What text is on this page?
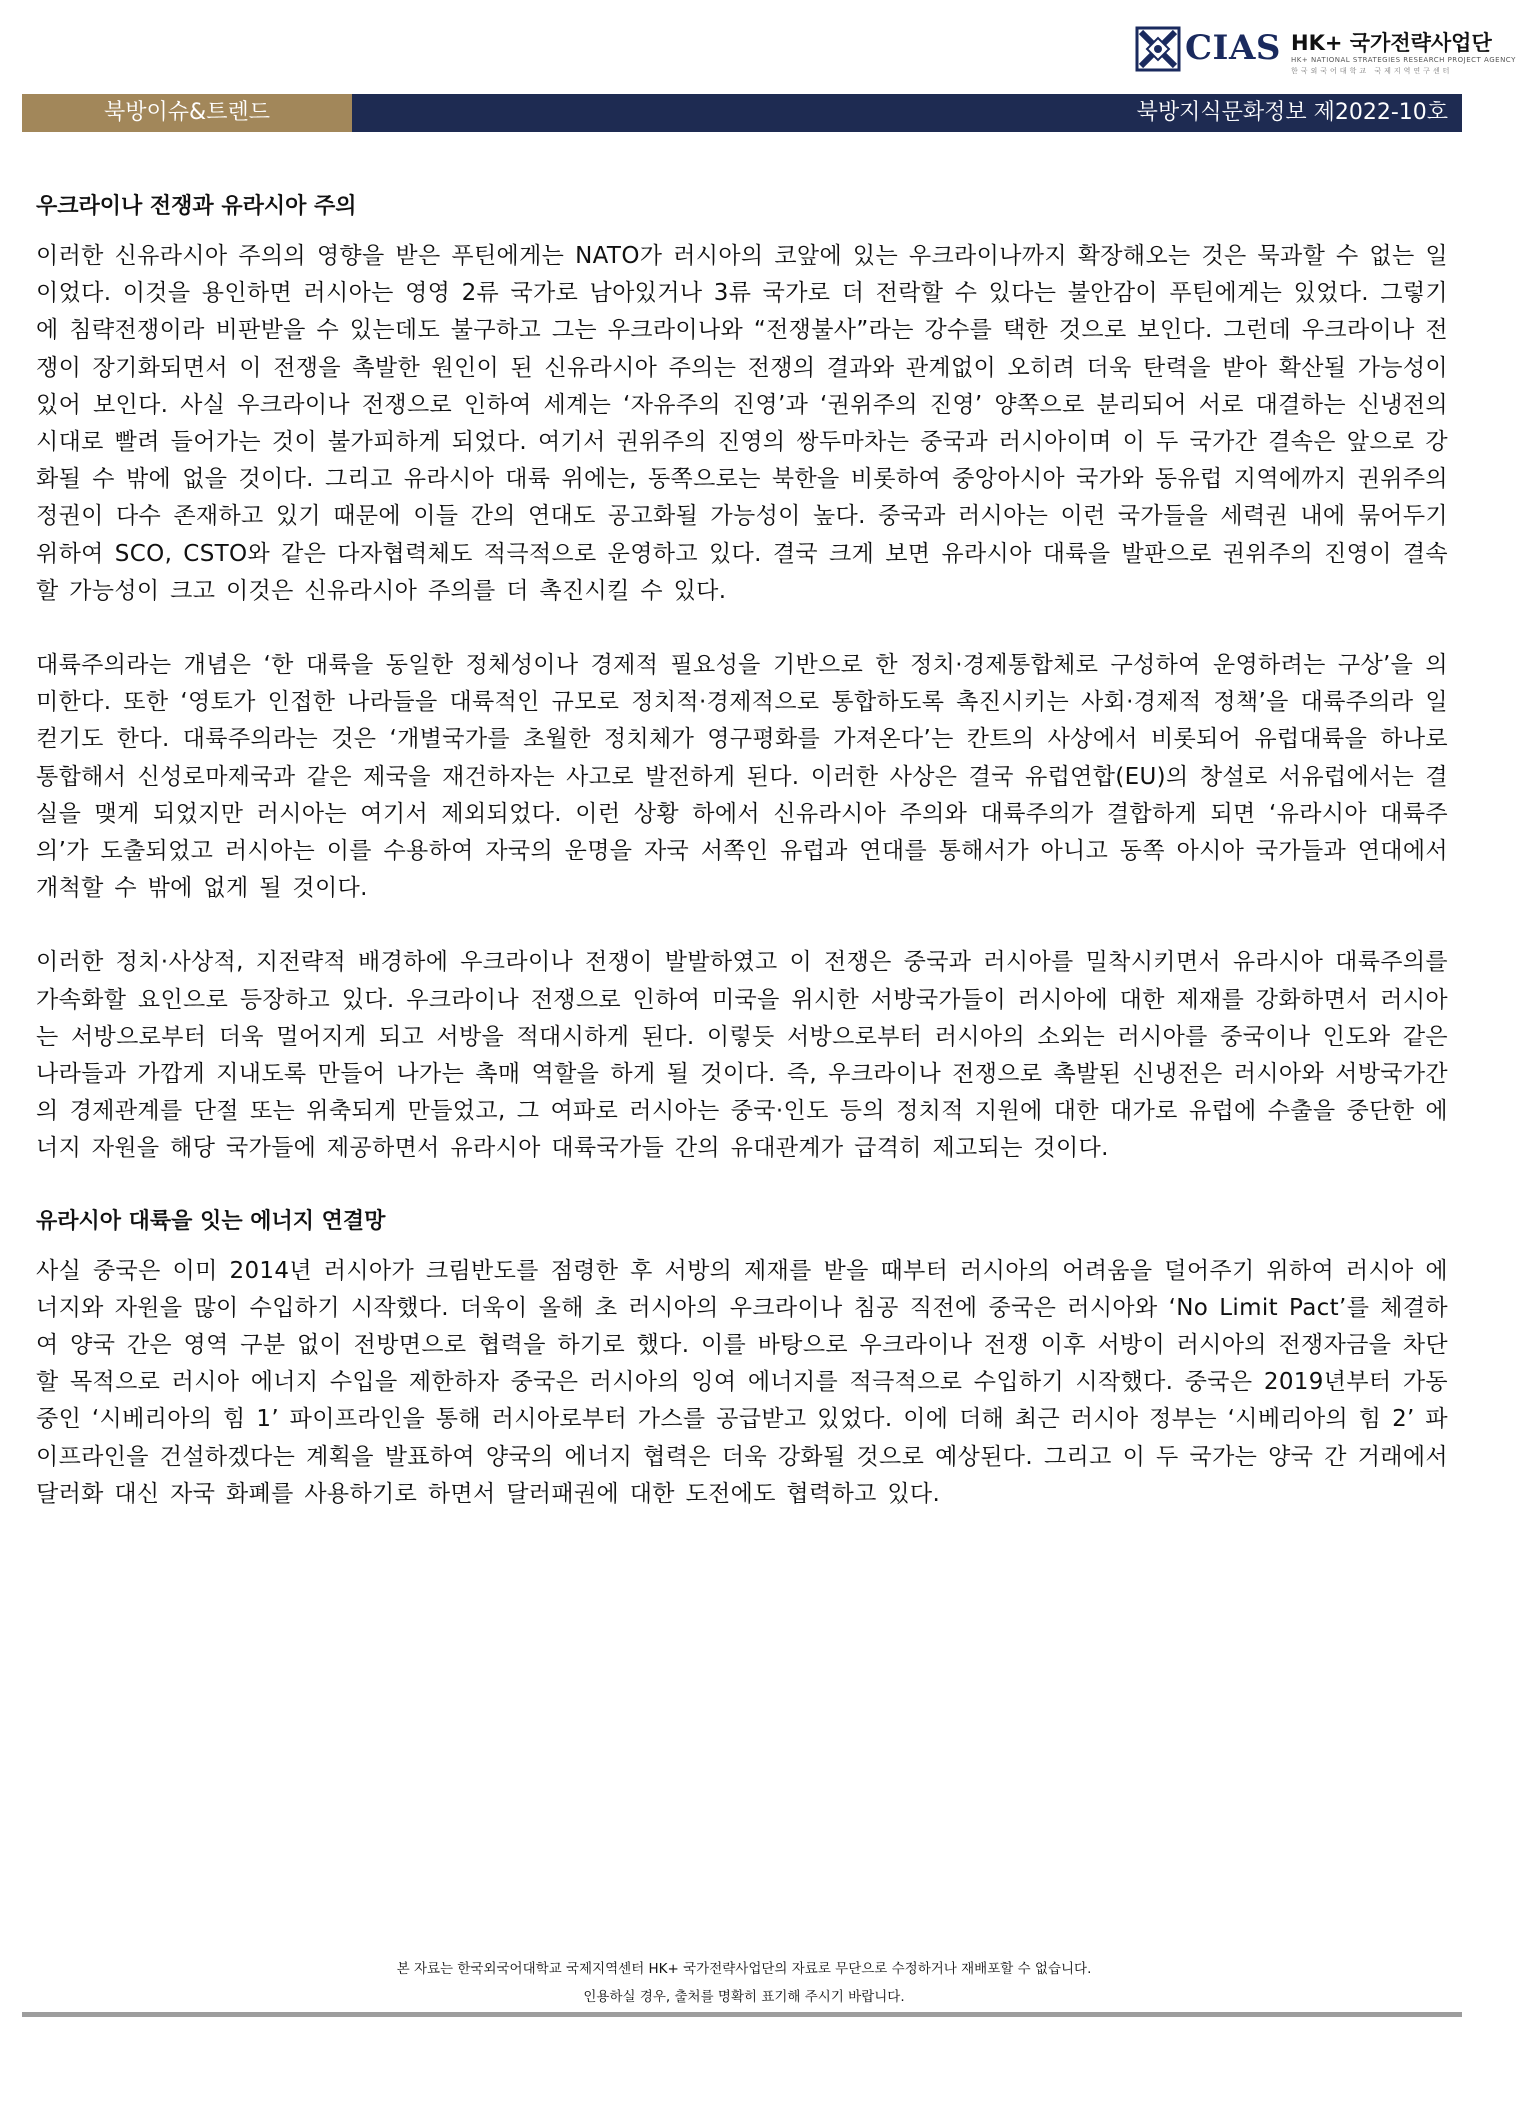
CIAS HK+ 국가전략사업단
HK+ NATIONAL STRATEGIES RESEARCH PROJECT AGENCY
한국외국어대학교 국제지역연구센터
북방이슈&트렌드	북방지식문화정보 제2022-10호
우크라이나 전쟁과 유라시아 주의

이러한 신유라시아 주의의 영향을 받은 푸틴에게는 NATO가 러시아의 코앞에 있는 우크라이나까지 확장해오는 것은 묵과할 수 없는 일이었다. 이것을 용인하면 러시아는 영영 2류 국가로 남아있거나 3류 국가로 더 전락할 수 있다는 불안감이 푸틴에게는 있었다. 그렇기에 침략전쟁이라 비판받을 수 있는데도 불구하고 그는 우크라이나와 “전쟁불사”라는 강수를 택한 것으로 보인다. 그런데 우크라이나 전쟁이 장기화되면서 이 전쟁을 촉발한 원인이 된 신유라시아 주의는 전쟁의 결과와 관계없이 오히려 더욱 탄력을 받아 확산될 가능성이 있어 보인다. 사실 우크라이나 전쟁으로 인하여 세계는 ‘자유주의 진영’과 ‘권위주의 진영’ 양쪽으로 분리되어 서로 대결하는 신냉전의 시대로 빨려 들어가는 것이 불가피하게 되었다. 여기서 권위주의 진영의 쌍두마차는 중국과 러시아이며 이 두 국가간 결속은 앞으로 강화될 수 밖에 없을 것이다. 그리고 유라시아 대륙 위에는, 동쪽으로는 북한을 비롯하여 중앙아시아 국가와 동유럽 지역에까지 권위주의 정권이 다수 존재하고 있기 때문에 이들 간의 연대도 공고화될 가능성이 높다. 중국과 러시아는 이런 국가들을 세력권 내에 묶어두기 위하여 SCO, CSTO와 같은 다자협력체도 적극적으로 운영하고 있다. 결국 크게 보면 유라시아 대륙을 발판으로 권위주의 진영이 결속할 가능성이 크고 이것은 신유라시아 주의를 더 촉진시킬 수 있다.

대륙주의라는 개념은 ‘한 대륙을 동일한 정체성이나 경제적 필요성을 기반으로 한 정치·경제통합체로 구성하여 운영하려는 구상’을 의미한다. 또한 ‘영토가 인접한 나라들을 대륙적인 규모로 정치적·경제적으로 통합하도록 촉진시키는 사회·경제적 정책’을 대륙주의라 일컫기도 한다. 대륙주의라는 것은 ‘개별국가를 초월한 정치체가 영구평화를 가져온다’는 칸트의 사상에서 비롯되어 유럽대륙을 하나로 통합해서 신성로마제국과 같은 제국을 재건하자는 사고로 발전하게 된다. 이러한 사상은 결국 유럽연합(EU)의 창설로 서유럽에서는 결실을 맺게 되었지만 러시아는 여기서 제외되었다. 이런 상황 하에서 신유라시아 주의와 대륙주의가 결합하게 되면 ‘유라시아 대륙주의’가 도출되었고 러시아는 이를 수용하여 자국의 운명을 자국 서쪽인 유럽과 연대를 통해서가 아니고 동쪽 아시아 국가들과 연대에서 개척할 수 밖에 없게 될 것이다.

이러한 정치·사상적, 지전략적 배경하에 우크라이나 전쟁이 발발하였고 이 전쟁은 중국과 러시아를 밀착시키면서 유라시아 대륙주의를 가속화할 요인으로 등장하고 있다. 우크라이나 전쟁으로 인하여 미국을 위시한 서방국가들이 러시아에 대한 제재를 강화하면서 러시아는 서방으로부터 더욱 멀어지게 되고 서방을 적대시하게 된다. 이렇듯 서방으로부터 러시아의 소외는 러시아를 중국이나 인도와 같은 나라들과 가깝게 지내도록 만들어 나가는 촉매 역할을 하게 될 것이다. 즉, 우크라이나 전쟁으로 촉발된 신냉전은 러시아와 서방국가간의 경제관계를 단절 또는 위축되게 만들었고, 그 여파로 러시아는 중국·인도 등의 정치적 지원에 대한 대가로 유럽에 수출을 중단한 에너지 자원을 해당 국가들에 제공하면서 유라시아 대륙국가들 간의 유대관계가 급격히 제고되는 것이다.

유라시아 대륙을 잇는 에너지 연결망

사실 중국은 이미 2014년 러시아가 크림반도를 점령한 후 서방의 제재를 받을 때부터 러시아의 어려움을 덜어주기 위하여 러시아 에너지와 자원을 많이 수입하기 시작했다. 더욱이 올해 초 러시아의 우크라이나 침공 직전에 중국은 러시아와 ‘No Limit Pact’를 체결하여 양국 간은 영역 구분 없이 전방면으로 협력을 하기로 했다. 이를 바탕으로 우크라이나 전쟁 이후 서방이 러시아의 전쟁자금을 차단할 목적으로 러시아 에너지 수입을 제한하자 중국은 러시아의 잉여 에너지를 적극적으로 수입하기 시작했다. 중국은 2019년부터 가동 중인 ‘시베리아의 힘 1’ 파이프라인을 통해 러시아로부터 가스를 공급받고 있었다. 이에 더해 최근 러시아 정부는 ‘시베리아의 힘 2’ 파이프라인을 건설하겠다는 계획을 발표하여 양국의 에너지 협력은 더욱 강화될 것으로 예상된다. 그리고 이 두 국가는 양국 간 거래에서 달러화 대신 자국 화폐를 사용하기로 하면서 달러패권에 대한 도전에도 협력하고 있다.

본 자료는 한국외국어대학교 국제지역센터 HK+ 국가전략사업단의 자료로 무단으로 수정하거나 재배포할 수 없습니다.
인용하실 경우, 출처를 명확히 표기해 주시기 바랍니다.
